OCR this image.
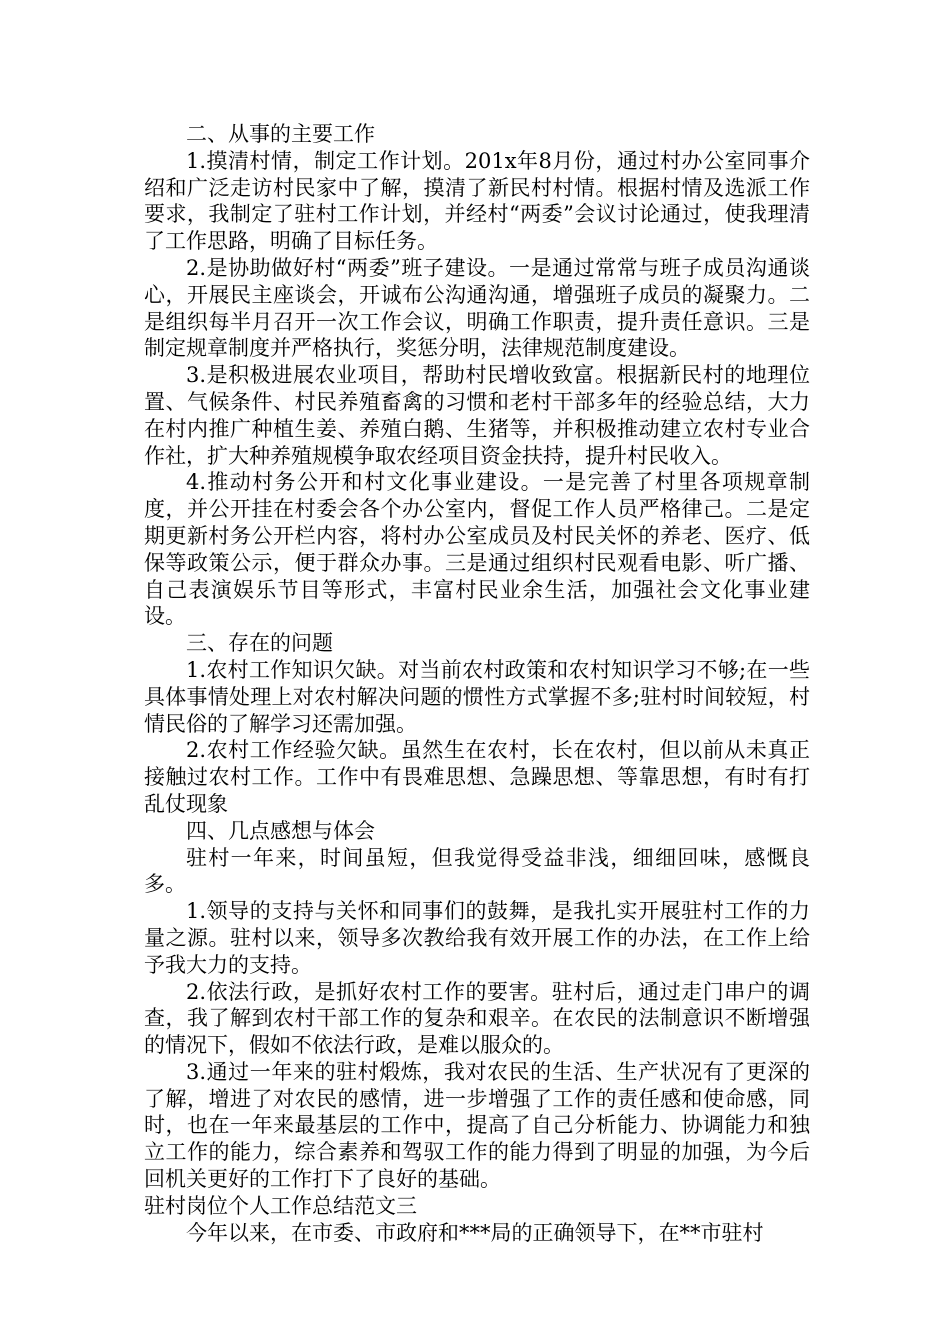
二、从事的主要工作

1.摸清村情，制定工作计划。201x年8月份，通过村办公室同事介绍和广泛走访村民家中了解，摸清了新民村村情。根据村情及选派工作要求，我制定了驻村工作计划，并经村“两委”会议讨论通过，使我理清了工作思路，明确了目标任务。

2.是协助做好村“两委”班子建设。一是通过常常与班子成员沟通谈心，开展民主座谈会，开诚布公沟通沟通，增强班子成员的凝聚力。二是组织每半月召开一次工作会议，明确工作职责，提升责任意识。三是制定规章制度并严格执行，奖惩分明，法律规范制度建设。

3.是积极进展农业项目，帮助村民增收致富。根据新民村的地理位置、气候条件、村民养殖畜禽的习惯和老村干部多年的经验总结，大力在村内推广种植生姜、养殖白鹅、生猪等，并积极推动建立农村专业合作社，扩大种养殖规模争取农经项目资金扶持，提升村民收入。

4.推动村务公开和村文化事业建设。一是完善了村里各项规章制度，并公开挂在村委会各个办公室内，督促工作人员严格律己。二是定期更新村务公开栏内容，将村办公室成员及村民关怀的养老、医疗、低保等政策公示，便于群众办事。三是通过组织村民观看电影、听广播、自己表演娱乐节目等形式，丰富村民业余生活，加强社会文化事业建设。

三、存在的问题

1.农村工作知识欠缺。对当前农村政策和农村知识学习不够;在一些具体事情处理上对农村解决问题的惯性方式掌握不多;驻村时间较短，村情民俗的了解学习还需加强。

2.农村工作经验欠缺。虽然生在农村，长在农村，但以前从未真正接触过农村工作。工作中有畏难思想、急躁思想、等靠思想，有时有打乱仗现象

四、几点感想与体会

驻村一年来，时间虽短，但我觉得受益非浅，细细回味，感慨良多。

1.领导的支持与关怀和同事们的鼓舞，是我扎实开展驻村工作的力量之源。驻村以来，领导多次教给我有效开展工作的办法，在工作上给予我大力的支持。

2.依法行政，是抓好农村工作的要害。驻村后，通过走门串户的调查，我了解到农村干部工作的复杂和艰辛。在农民的法制意识不断增强的情况下，假如不依法行政，是难以服众的。

3.通过一年来的驻村煅炼，我对农民的生活、生产状况有了更深的了解，增进了对农民的感情，进一步增强了工作的责任感和使命感，同时，也在一年来最基层的工作中，提高了自己分析能力、协调能力和独立工作的能力，综合素养和驾驭工作的能力得到了明显的加强，为今后回机关更好的工作打下了良好的基础。

驻村岗位个人工作总结范文三

今年以来，在市委、市政府和***局的正确领导下，在**市驻村
